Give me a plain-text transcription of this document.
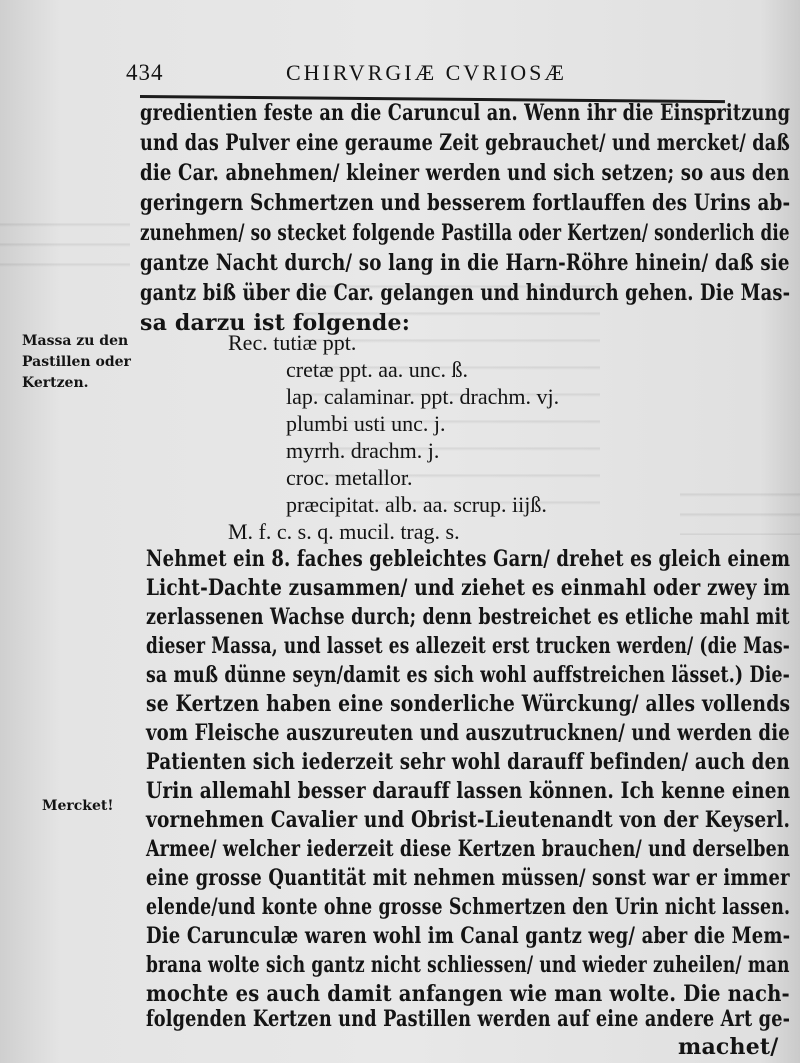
434	CHIRVRGIÆ CVRIOSÆ
Massa zu den
Pastillen oder
Kertzen.
Mercket!
gredientien feste an die Caruncul an. Wenn ihr die Einspritzung
und das Pulver eine geraume Zeit gebrauchet/ und mercket/ daß
die Car. abnehmen/ kleiner werden und sich setzen; so aus den
geringern Schmertzen und besserem fortlauffen des Urins ab-
zunehmen/ so stecket folgende Pastilla oder Kertzen/ sonderlich die
gantze Nacht durch/ so lang in die Harn-Röhre hinein/ daß sie
gantz biß über die Car. gelangen und hindurch gehen. Die Mas-
sa darzu ist folgende:
Rec. tutiæ ppt.
cretæ ppt. aa. unc. ß.
lap. calaminar. ppt. drachm. vj.
plumbi usti unc. j.
myrrh. drachm. j.
croc. metallor.
præcipitat. alb. aa. scrup. iijß.
M. f. c. s. q. mucil. trag. s.
Nehmet ein 8. faches gebleichtes Garn/ drehet es gleich einem
Licht-Dachte zusammen/ und ziehet es einmahl oder zwey im
zerlassenen Wachse durch; denn bestreichet es etliche mahl mit
dieser Massa, und lasset es allezeit erst trucken werden/ (die Mas-
sa muß dünne seyn/damit es sich wohl auffstreichen lässet.) Die-
se Kertzen haben eine sonderliche Würckung/ alles vollends
vom Fleische auszureuten und auszutrucknen/ und werden die
Patienten sich iederzeit sehr wohl darauff befinden/ auch den
Urin allemahl besser darauff lassen können. Ich kenne einen
vornehmen Cavalier und Obrist-Lieutenandt von der Keyserl.
Armee/ welcher iederzeit diese Kertzen brauchen/ und derselben
eine grosse Quantität mit nehmen müssen/ sonst war er immer
elende/und konte ohne grosse Schmertzen den Urin nicht lassen.
Die Carunculæ waren wohl im Canal gantz weg/ aber die Mem-
brana wolte sich gantz nicht schliessen/ und wieder zuheilen/ man
mochte es auch damit anfangen wie man wolte. Die nach-
folgenden Kertzen und Pastillen werden auf eine andere Art ge-
machet/
